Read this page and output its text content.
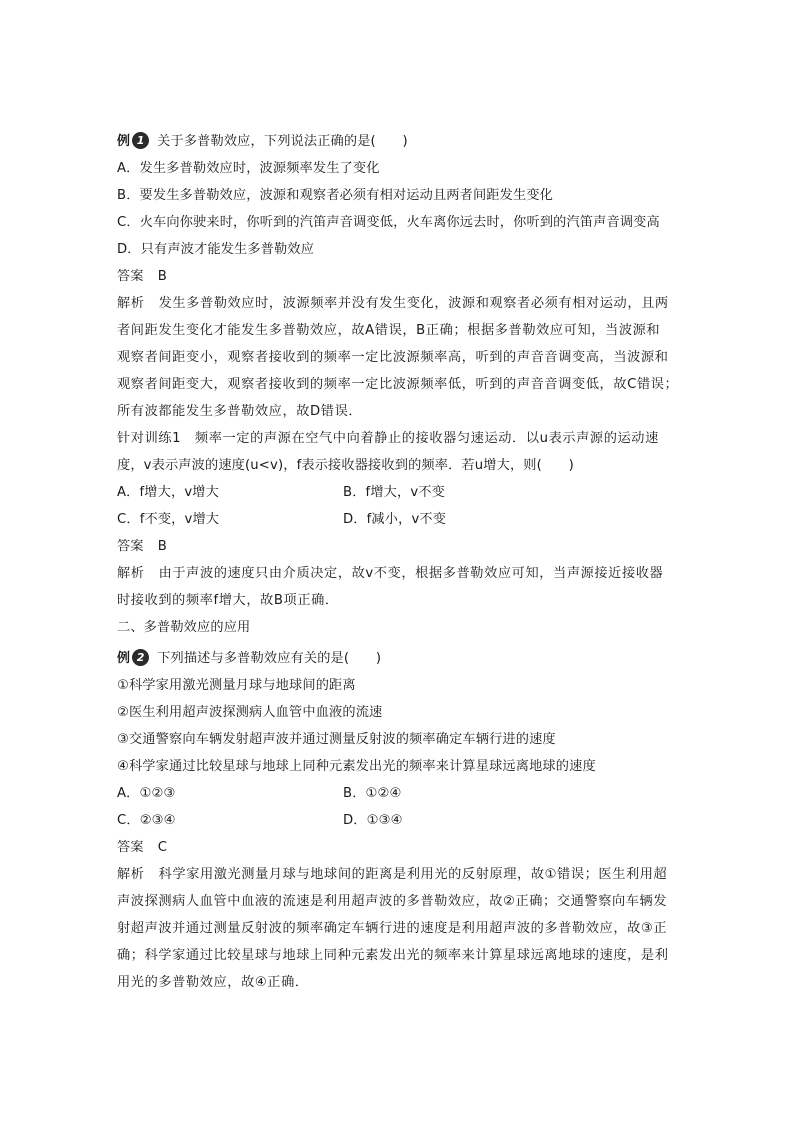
例 1 关于多普勒效应，下列说法正确的是(　　)
A．发生多普勒效应时，波源频率发生了变化
B．要发生多普勒效应，波源和观察者必须有相对运动且两者间距发生变化
C．火车向你驶来时，你听到的汽笛声音调变低，火车离你远去时，你听到的汽笛声音调变高
D．只有声波才能发生多普勒效应
答案 B
解析 发生多普勒效应时，波源频率并没有发生变化，波源和观察者必须有相对运动，且两
者间距发生变化才能发生多普勒效应，故A错误，B正确；根据多普勒效应可知，当波源和
观察者间距变小，观察者接收到的频率一定比波源频率高，听到的声音音调变高，当波源和
观察者间距变大，观察者接收到的频率一定比波源频率低，听到的声音音调变低，故C错误；
所有波都能发生多普勒效应，故D错误．
针对训练1　频率一定的声源在空气中向着静止的接收器匀速运动．以u表示声源的运动速
度，v表示声波的速度(u<v)，f表示接收器接收到的频率．若u增大，则(　　)
A．f增大，v增大	B．f增大，v不变
C．f不变，v增大	D．f减小，v不变
答案 B
解析 由于声波的速度只由介质决定，故v不变，根据多普勒效应可知，当声源接近接收器
时接收到的频率f增大，故B项正确．
二、多普勒效应的应用
例 2 下列描述与多普勒效应有关的是(　　)
①科学家用激光测量月球与地球间的距离
②医生利用超声波探测病人血管中血液的流速
③交通警察向车辆发射超声波并通过测量反射波的频率确定车辆行进的速度
④科学家通过比较星球与地球上同种元素发出光的频率来计算星球远离地球的速度
A．①②③	B．①②④
C．②③④	D．①③④
答案 C
解析 科学家用激光测量月球与地球间的距离是利用光的反射原理，故①错误；医生利用超
声波探测病人血管中血液的流速是利用超声波的多普勒效应，故②正确；交通警察向车辆发
射超声波并通过测量反射波的频率确定车辆行进的速度是利用超声波的多普勒效应，故③正
确；科学家通过比较星球与地球上同种元素发出光的频率来计算星球远离地球的速度，是利
用光的多普勒效应，故④正确．
